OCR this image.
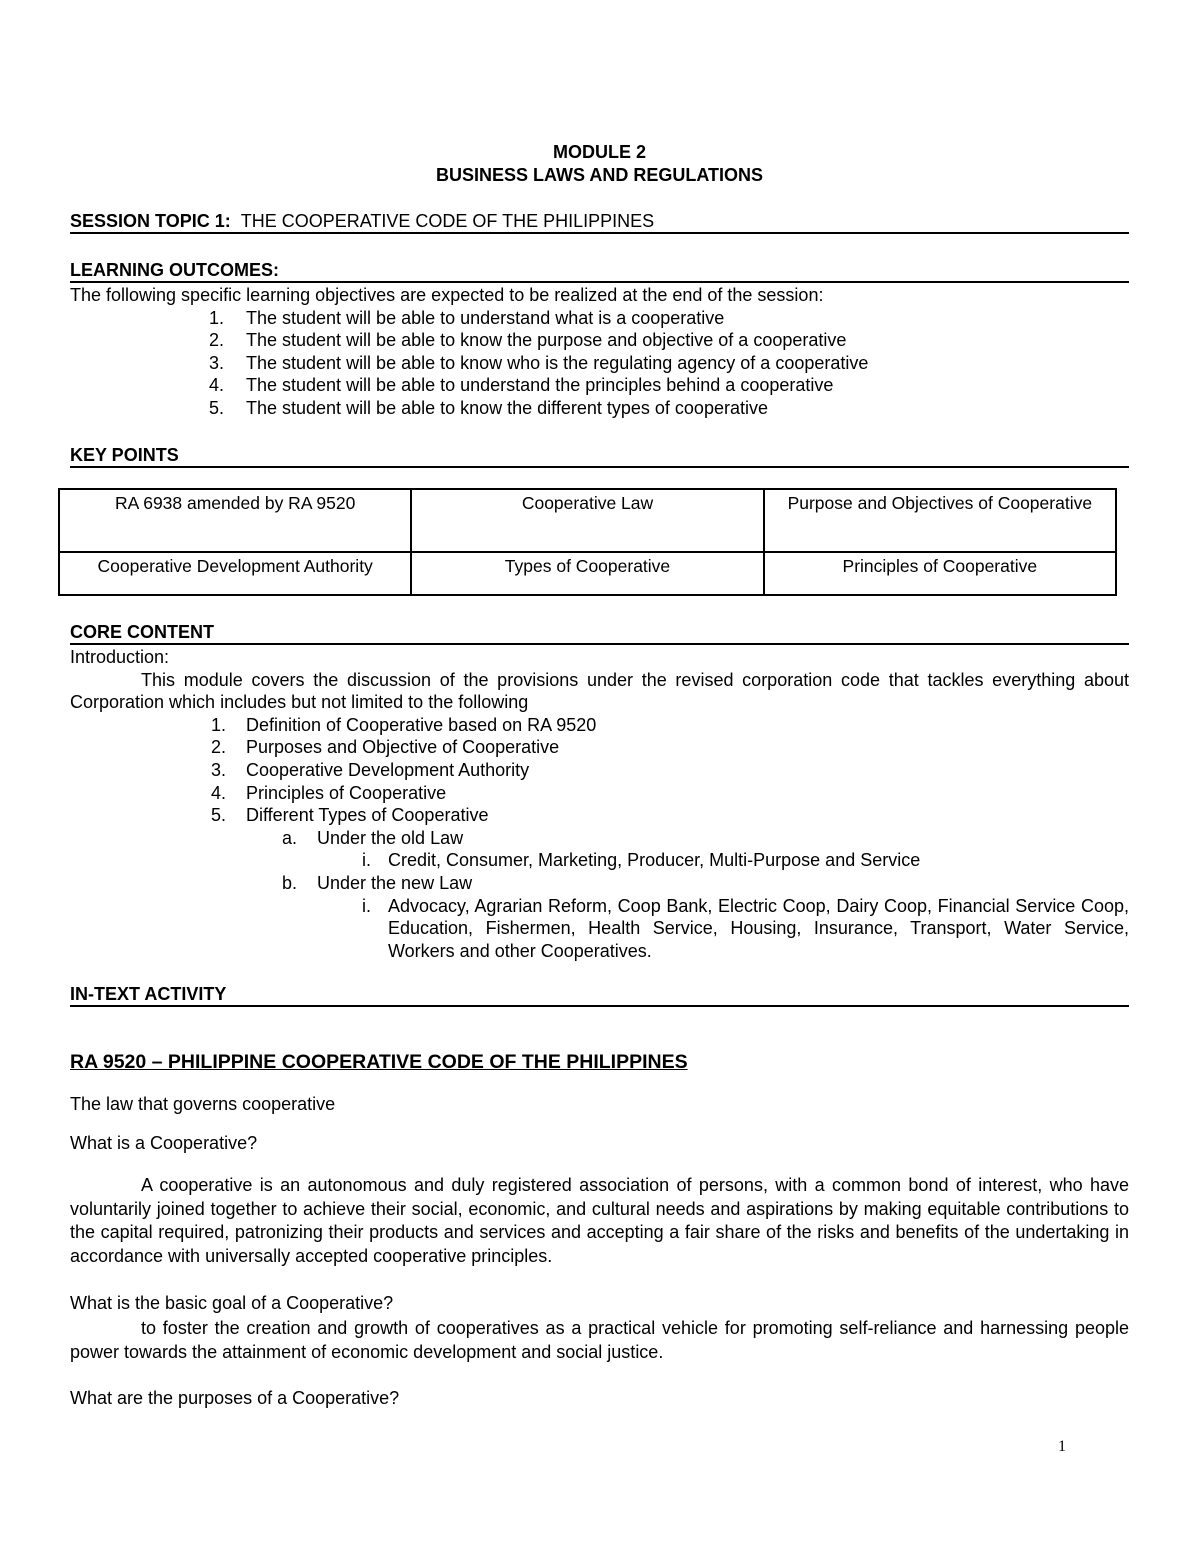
MODULE 2
BUSINESS LAWS AND REGULATIONS
SESSION TOPIC 1: THE COOPERATIVE CODE OF THE PHILIPPINES
LEARNING OUTCOMES:

The following specific learning objectives are expected to be realized at the end of the session:

1.	The student will be able to understand what is a cooperative
2.	The student will be able to know the purpose and objective of a cooperative
3.	The student will be able to know who is the regulating agency of a cooperative
4.	The student will be able to understand the principles behind a cooperative
5.	The student will be able to know the different types of cooperative
KEY POINTS
RA 6938 amended by RA 9520	Cooperative Law	Purpose and Objectives of Cooperative
Cooperative Development Authority	Types of Cooperative	Principles of Cooperative
CORE CONTENT

Introduction:

This module covers the discussion of the provisions under the revised corporation code that tackles everything about Corporation which includes but not limited to the following

1.	Definition of Cooperative based on RA 9520
2.	Purposes and Objective of Cooperative
3.	Cooperative Development Authority
4.	Principles of Cooperative
5.	Different Types of Cooperative
a. Under the old Law
i. Credit, Consumer, Marketing, Producer, Multi-Purpose and Service
b. Under the new Law
i. Advocacy, Agrarian Reform, Coop Bank, Electric Coop, Dairy Coop, Financial Service Coop, Education, Fishermen, Health Service, Housing, Insurance, Transport, Water Service, Workers and other Cooperatives.
IN-TEXT ACTIVITY
RA 9520 – PHILIPPINE COOPERATIVE CODE OF THE PHILIPPINES

The law that governs cooperative

What is a Cooperative?

A cooperative is an autonomous and duly registered association of persons, with a common bond of interest, who have voluntarily joined together to achieve their social, economic, and cultural needs and aspirations by making equitable contributions to the capital required, patronizing their products and services and accepting a fair share of the risks and benefits of the undertaking in accordance with universally accepted cooperative principles.

What is the basic goal of a Cooperative?

to foster the creation and growth of cooperatives as a practical vehicle for promoting self-reliance and harnessing people power towards the attainment of economic development and social justice.

What are the purposes of a Cooperative?

1
